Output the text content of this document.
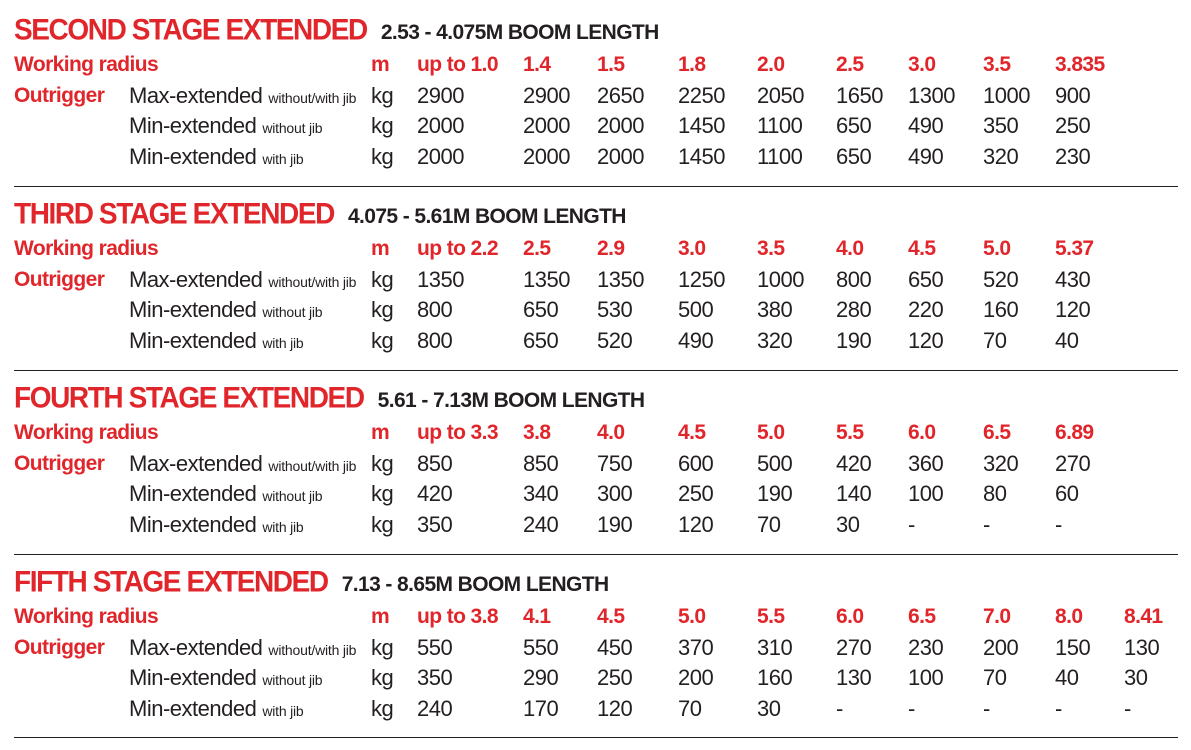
SECOND STAGE EXTENDED 2.53 - 4.075M BOOM LENGTH
Working radius	m up to 1.0 1.4 1.5	1.8 2.0 2.5 3.0 3.5 3.835
Outrigger Max-extended without/with jib kg 2900	2900 2650 2250 2050 1650 1300 1000 900
Min-extended without jib kg 2000	2000 2000 1450 1100 650 490 350 250
Min-extended with jib	kg 2000	2000 2000 1450 1100 650 490 320 230
THIRD STAGE EXTENDED 4.075 - 5.61M BOOM LENGTH
Working radius	m up to 2.2 2.5 2.9	3.0 3.5 4.0 4.5 5.0 5.37
Outrigger Max-extended without/with jib kg 1350	1350 1350 1250 1000 800 650 520 430
Min-extended without jib kg 800	650 530 500 380 280 220 160 120
Min-extended with jib	kg 800	650 520 490 320 190 120 70 40
FOURTH STAGE EXTENDED 5.61 - 7.13M BOOM LENGTH
Working radius	m up to 3.3 3.8 4.0	4.5 5.0 5.5 6.0 6.5 6.89
Outrigger Max-extended without/with jib kg 850	850 750 600 500 420 360 320 270
Min-extended without jib kg 420	340 300 250 190 140 100 80 60
Min-extended with jib	kg 350	240 190 120 70	30 -	-	-
FIFTH STAGE EXTENDED 7.13 - 8.65M BOOM LENGTH
Working radius	m up to 3.8 4.1 4.5	5.0 5.5 6.0 6.5 7.0 8.0 8.41
Outrigger Max-extended without/with jib kg 550	550 450 370 310 270 230 200 150 130
Min-extended without jib kg 350	290 250 200 160 130 100 70 40 30
Min-extended with jib	kg 240	170 120 70	30	-	-	-	-	-
